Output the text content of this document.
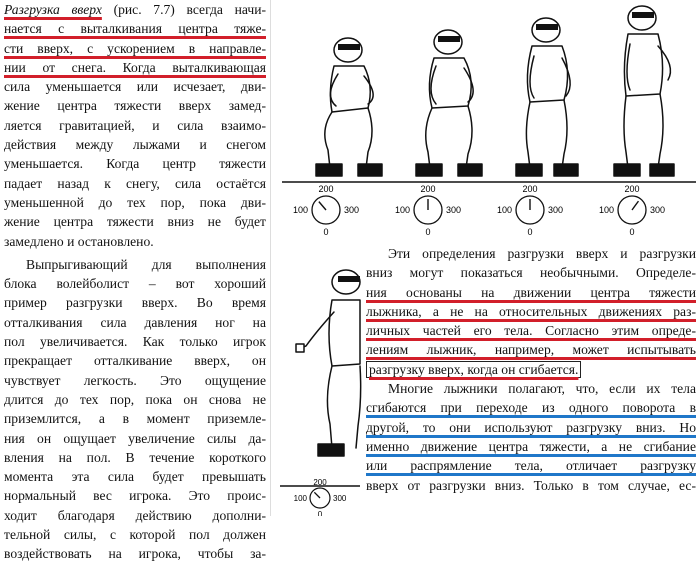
Разгрузка вверх (рис. 7.7) всегда начи-
нается с выталкивания центра тяже-
сти вверх, с ускорением в направле-
нии от снега. Когда выталкивающая
сила уменьшается или исчезает, дви-
жение центра тяжести вверх замед-
ляется гравитацией, и сила взаимо-
действия между лыжами и снегом
уменьшается. Когда центр тяжести
падает назад к снегу, сила остаётся
уменьшенной до тех пор, пока дви-
жение центра тяжести вниз не будет
замедлено и остановлено.

Выпрыгивающий для выполнения
блока волейболист – вот хороший
пример разгрузки вверх. Во время
отталкивания сила давления ног на
пол увеличивается. Как только игрок
прекращает отталкивание вверх, он
чувствует легкость. Это ощущение
длится до тех пор, пока он снова не
приземлится, а в момент приземле-
ния он ощущает увеличение силы да-
вления на пол. В течение короткого
момента эта сила будет превышать
нормальный вес игрока. Это проис-
ходит благодаря действию дополни-
тельной силы, с которой пол должен
воздействовать на игрока, чтобы за-

200
100	300
0
200
100	300
0
200
100	300
0
200
100	300
0
200
100	300
0

Эти определения разгрузки вверх и разгрузки
вниз могут показаться необычными. Определе-
ния основаны на движении центра тяжести
лыжника, а не на относительных движениях раз-
личных частей его тела. Согласно этим опреде-
лениям лыжник, например, может испытывать
разгрузку вверх, когда он сгибается.

Многие лыжники полагают, что, если их тела
сгибаются при переходе из одного поворота в
другой, то они используют разгрузку вниз. Но
именно движение центра тяжести, а не сгибание
или распрямление тела, отличает разгрузку
вверх от разгрузки вниз. Только в том случае, ес-
